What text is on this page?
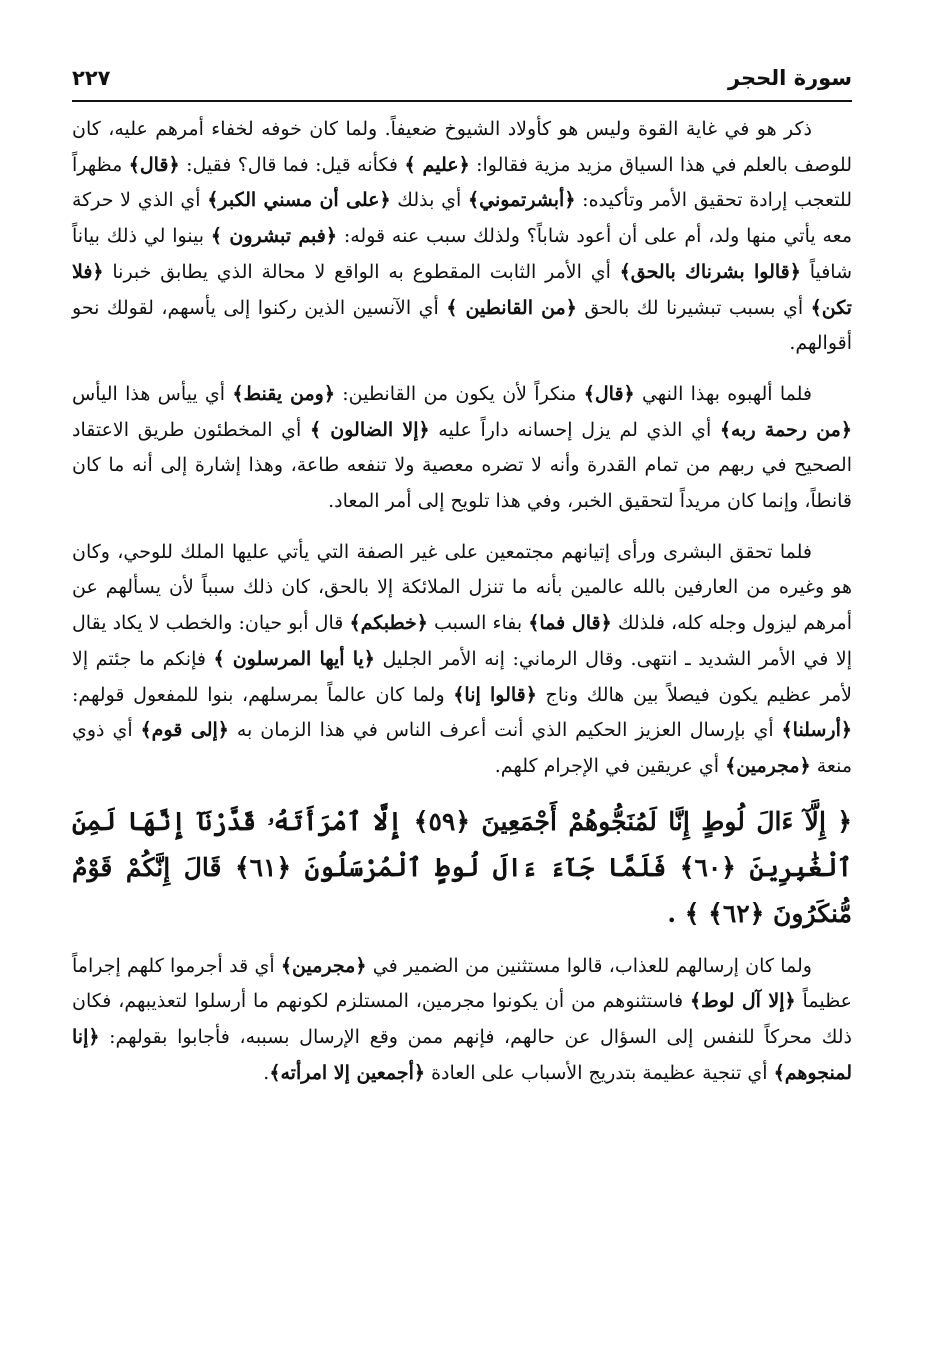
سورة الحجر
٢٢٧

ذكر هو في غاية القوة وليس هو كأولاد الشيوخ ضعيفاً. ولما كان خوفه لخفاء أمرهم عليه، كان للوصف بالعلم في هذا السياق مزيد مزية فقالوا: ﴿عليم ﴾ فكأنه قيل: فما قال؟ فقيل: ﴿قال﴾ مظهراً للتعجب إرادة تحقيق الأمر وتأكيده: ﴿أبشرتموني﴾ أي بذلك ﴿على أن مسني الكبر﴾ أي الذي لا حركة معه يأتي منها ولد، أم على أن أعود شاباً؟ ولذلك سبب عنه قوله: ﴿فبم تبشرون ﴾ بينوا لي ذلك بياناً شافياً ﴿قالوا بشرناك بالحق﴾ أي الأمر الثابت المقطوع به الواقع لا محالة الذي يطابق خبرنا ﴿فلا تكن﴾ أي بسبب تبشيرنا لك بالحق ﴿من القانطين ﴾ أي الآنسين الذين ركنوا إلى يأسهم، لقولك نحو أقوالهم.

فلما ألهبوه بهذا النهي ﴿قال﴾ منكراً لأن يكون من القانطين: ﴿ومن يقنط﴾ أي ييأس هذا اليأس ﴿من رحمة ربه﴾ أي الذي لم يزل إحسانه داراً عليه ﴿إلا الضالون ﴾ أي المخطئون طريق الاعتقاد الصحيح في ربهم من تمام القدرة وأنه لا تضره معصية ولا تنفعه طاعة، وهذا إشارة إلى أنه ما كان قانطاً، وإنما كان مريداً لتحقيق الخبر، وفي هذا تلويح إلى أمر المعاد.

فلما تحقق البشرى ورأى إتيانهم مجتمعين على غير الصفة التي يأتي عليها الملك للوحي، وكان هو وغيره من العارفين بالله عالمين بأنه ما تنزل الملائكة إلا بالحق، كان ذلك سبباً لأن يسألهم عن أمرهم ليزول وجله كله، فلذلك ﴿قال فما﴾ بفاء السبب ﴿خطبكم﴾ قال أبو حيان: والخطب لا يكاد يقال إلا في الأمر الشديد ـ انتهى. وقال الرماني: إنه الأمر الجليل ﴿يا أيها المرسلون ﴾ فإنكم ما جئتم إلا لأمر عظيم يكون فيصلاً بين هالك وناج ﴿قالوا إنا﴾ ولما كان عالماً بمرسلهم، بنوا للمفعول قولهم: ﴿أرسلنا﴾ أي بإرسال العزيز الحكيم الذي أنت أعرف الناس في هذا الزمان به ﴿إلى قوم﴾ أي ذوي منعة ﴿مجرمين﴾ أي عريقين في الإجرام كلهم.

﴿ إِلَّآ ءَالَ لُوطٍ إِنَّا لَمُنَجُّوهُمْ أَجْمَعِينَ ﴿٥٩﴾ إِلَّا ٱمْرَأَتَهُۥ قَدَّرْنَآ إِنَّهَا لَمِنَ ٱلْغَٰبِرِينَ ﴿٦٠﴾ فَلَمَّا جَآءَ ءَالَ لُوطٍ ٱلْمُرْسَلُونَ ﴿٦١﴾ قَالَ إِنَّكُمْ قَوْمٌ مُّنكَرُونَ ﴿٦٢﴾ ﴾ .

ولما كان إرسالهم للعذاب، قالوا مستثنين من الضمير في ﴿مجرمين﴾ أي قد أجرموا كلهم إجراماً عظيماً ﴿إلا آل لوط﴾ فاستثنوهم من أن يكونوا مجرمين، المستلزم لكونهم ما أرسلوا لتعذيبهم، فكان ذلك محركاً للنفس إلى السؤال عن حالهم، فإنهم ممن وقع الإرسال بسببه، فأجابوا بقولهم: ﴿إنا لمنجوهم﴾ أي تنجية عظيمة بتدريج الأسباب على العادة ﴿أجمعين إلا امرأته﴾.
